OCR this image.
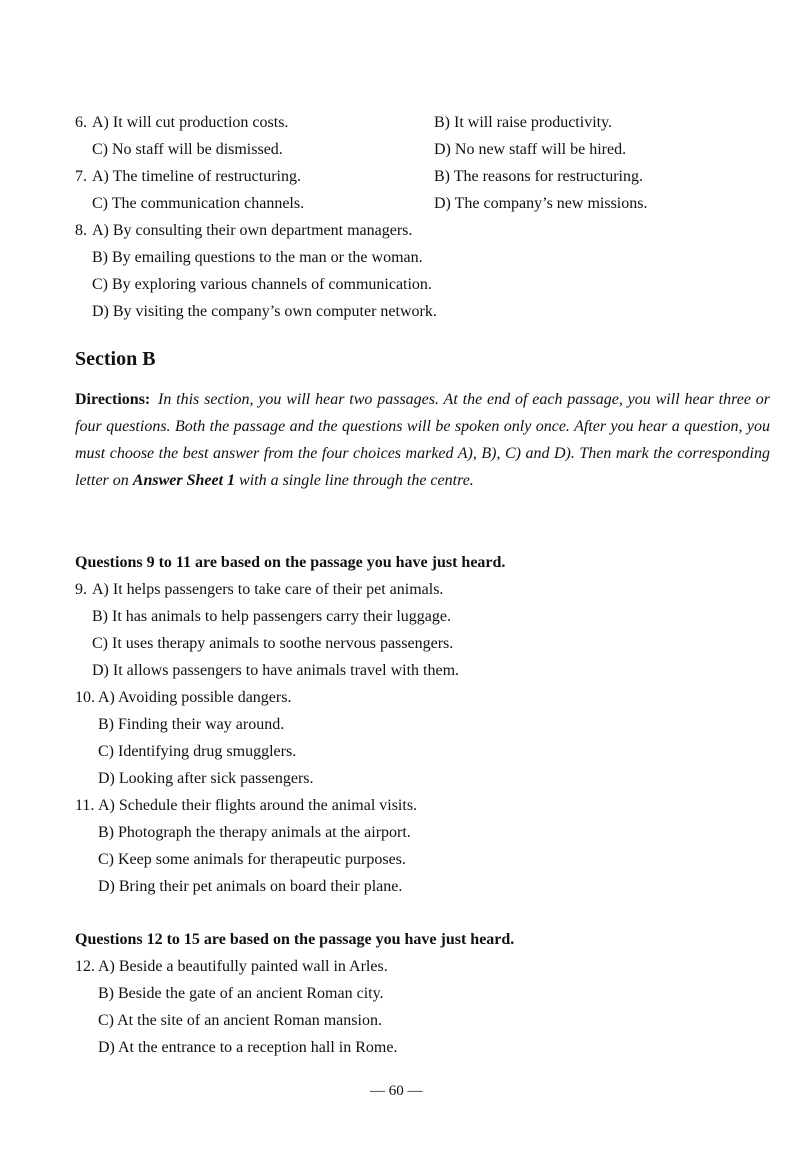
6. A) It will cut production costs.	B) It will raise productivity.
C) No staff will be dismissed.	D) No new staff will be hired.
7. A) The timeline of restructuring.	B) The reasons for restructuring.
C) The communication channels.	D) The company’s new missions.
8. A) By consulting their own department managers.
B) By emailing questions to the man or the woman.
C) By exploring various channels of communication.
D) By visiting the company’s own computer network.
Section B
Directions: In this section, you will hear two passages. At the end of each passage, you will hear three or four questions. Both the passage and the questions will be spoken only once. After you hear a question, you must choose the best answer from the four choices marked A), B), C) and D). Then mark the corresponding letter on Answer Sheet 1 with a single line through the centre.
Questions 9 to 11 are based on the passage you have just heard.
9. A) It helps passengers to take care of their pet animals.
B) It has animals to help passengers carry their luggage.
C) It uses therapy animals to soothe nervous passengers.
D) It allows passengers to have animals travel with them.
10. A) Avoiding possible dangers.
B) Finding their way around.
C) Identifying drug smugglers.
D) Looking after sick passengers.
11. A) Schedule their flights around the animal visits.
B) Photograph the therapy animals at the airport.
C) Keep some animals for therapeutic purposes.
D) Bring their pet animals on board their plane.
Questions 12 to 15 are based on the passage you have just heard.
12. A) Beside a beautifully painted wall in Arles.
B) Beside the gate of an ancient Roman city.
C) At the site of an ancient Roman mansion.
D) At the entrance to a reception hall in Rome.
— 60 —
